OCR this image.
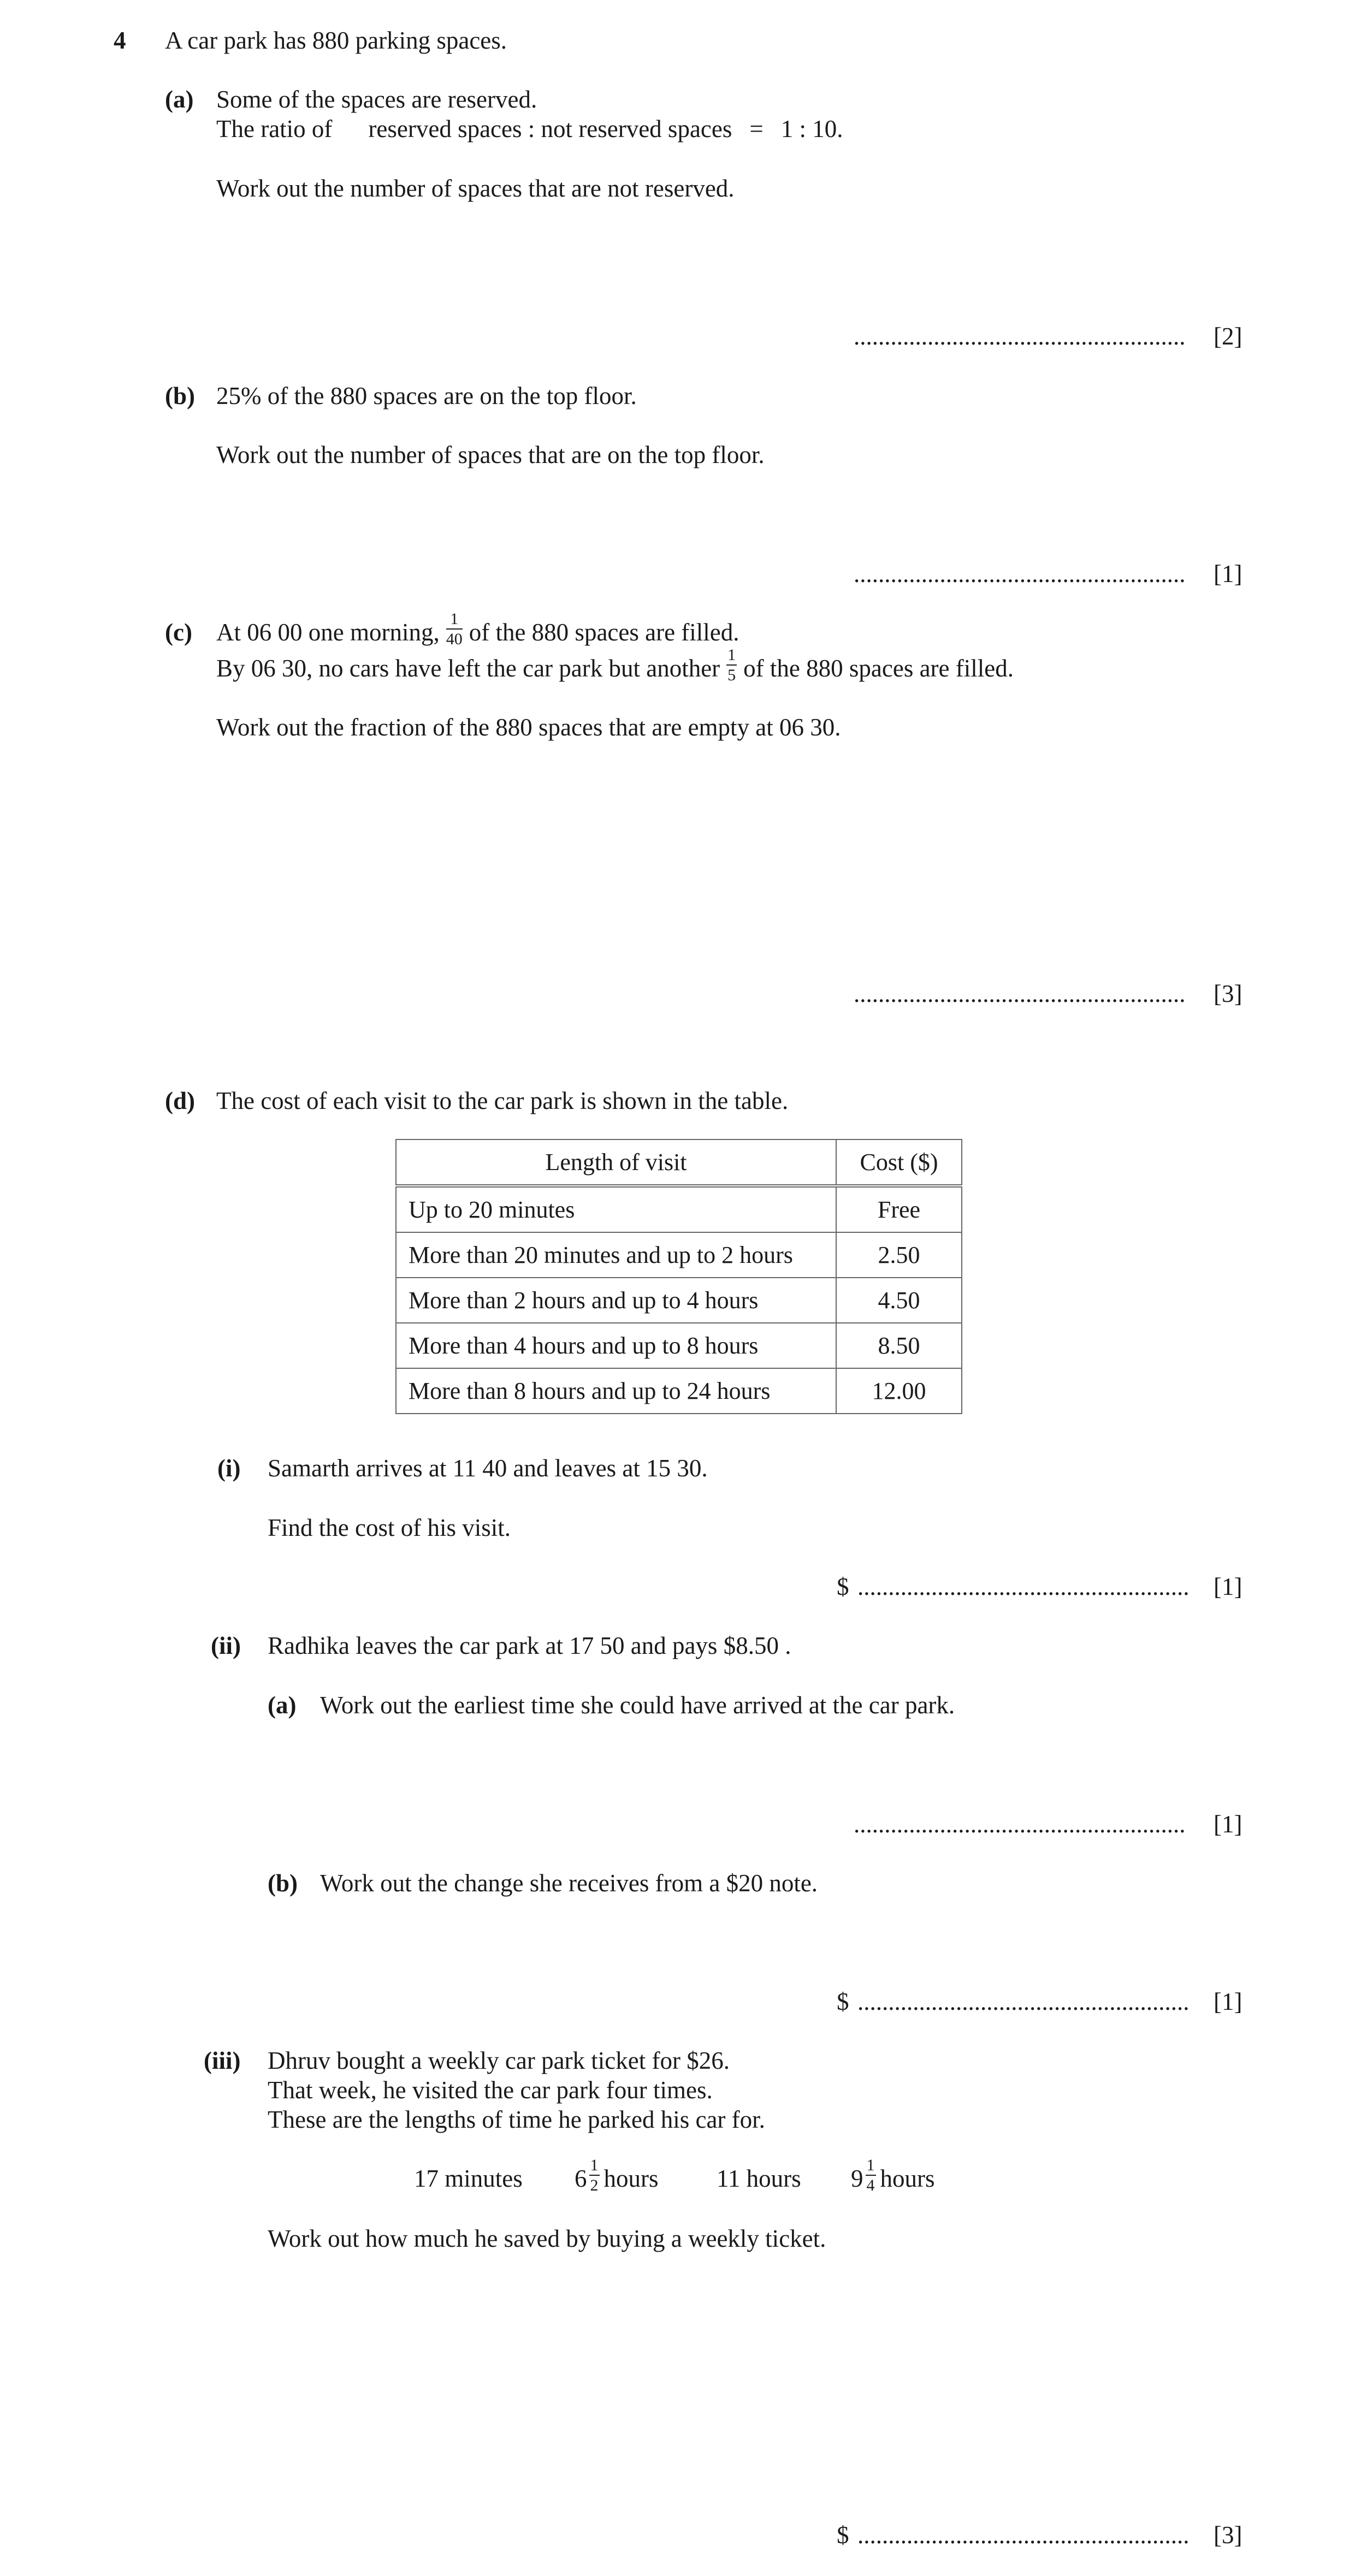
4 A car park has 880 parking spaces.
(a) Some of the spaces are reserved.
The ratio of reserved spaces : not reserved spaces = 1 : 10.
Work out the number of spaces that are not reserved.
...................................................... [2]
(b) 25% of the 880 spaces are on the top floor.
Work out the number of spaces that are on the top floor.
...................................................... [1]
(c) At 06 00 one morning, $\frac{1}{40}$ of the 880 spaces are filled.
By 06 30, no cars have left the car park but another $\frac{1}{5}$ of the 880 spaces are filled.
Work out the fraction of the 880 spaces that are empty at 06 30.
...................................................... [3]
(d) The cost of each visit to the car park is shown in the table.
Length of visit	Cost ($)
Up to 20 minutes	Free
More than 20 minutes and up to 2 hours	2.50
More than 2 hours and up to 4 hours	4.50
More than 4 hours and up to 8 hours	8.50
More than 8 hours and up to 24 hours	12.00
(i) Samarth arrives at 11 40 and leaves at 15 30.
Find the cost of his visit.
$ ...................................................... [1]
(ii) Radhika leaves the car park at 17 50 and pays $8.50 .
(a) Work out the earliest time she could have arrived at the car park.
...................................................... [1]
(b) Work out the change she receives from a $20 note.
$ ...................................................... [1]
(iii) Dhruv bought a weekly car park ticket for $26.
That week, he visited the car park four times.
These are the lengths of time he parked his car for.
17 minutes $6 \frac{1}{2}$ hours 11 hours $9 \frac{1}{4}$ hours
Work out how much he saved by buying a weekly ticket.
$ ...................................................... [3]
